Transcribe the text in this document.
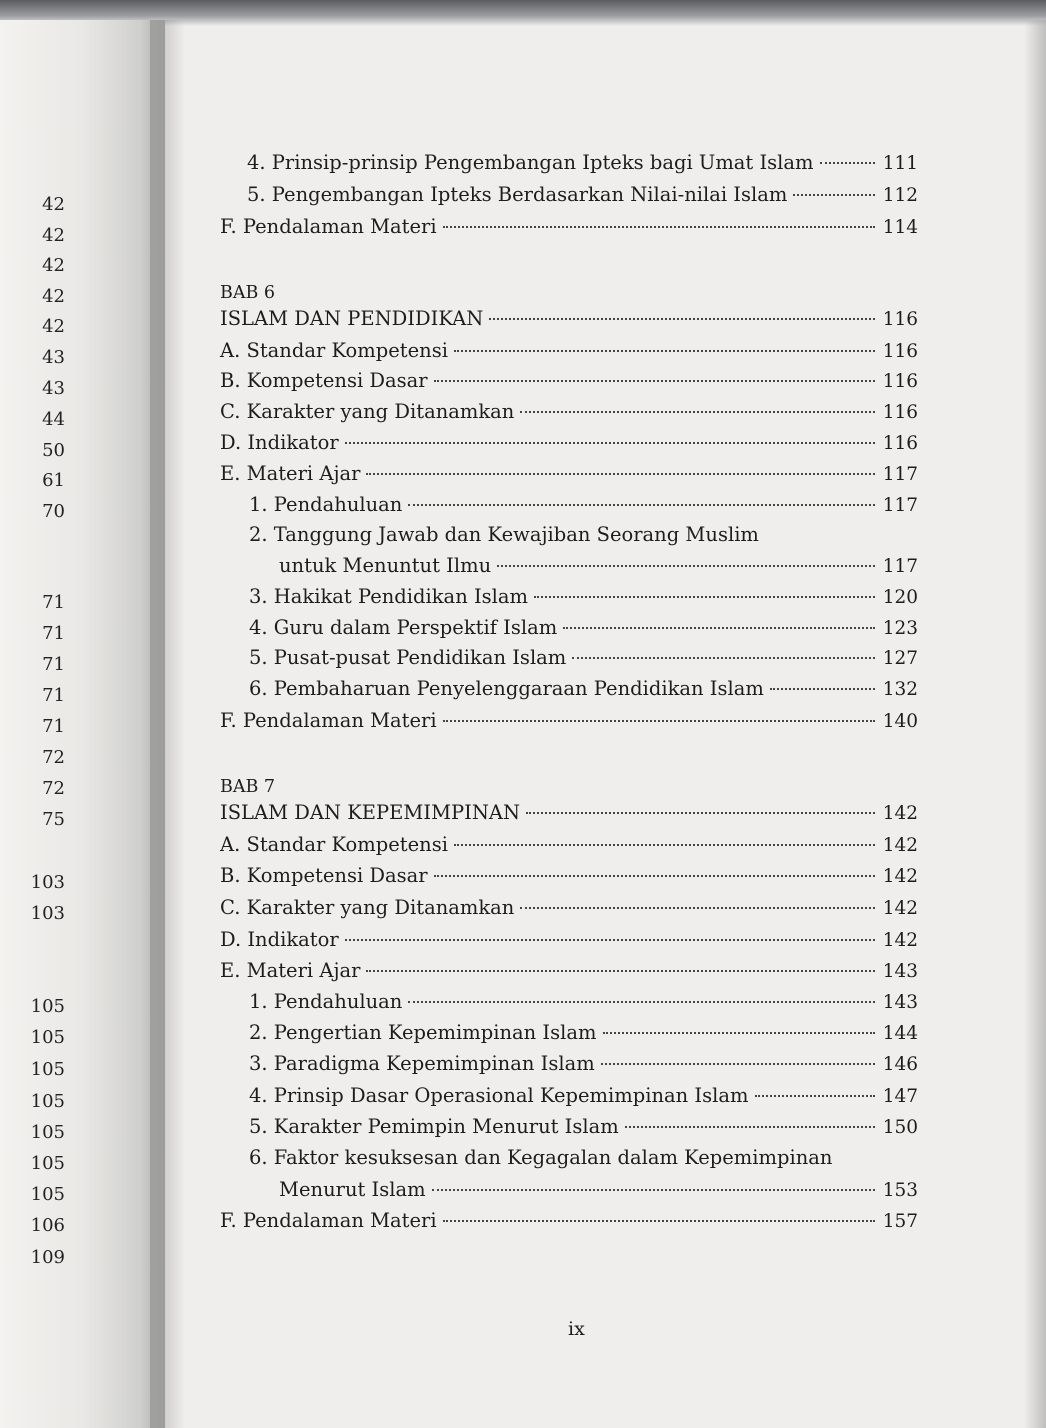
42
42
42
42
42
43
43
44
50
61
70
71
71
71
71
71
72
72
75
103
103
105
105
105
105
105
105
105
106
109
4. Prinsip-prinsip Pengembangan Ipteks bagi Umat Islam	111
5. Pengembangan Ipteks Berdasarkan Nilai-nilai Islam	112
F. Pendalaman Materi	114
BAB 6
ISLAM DAN PENDIDIKAN	116
A. Standar Kompetensi	116
B. Kompetensi Dasar	116
C. Karakter yang Ditanamkan	116
D. Indikator	116
E. Materi Ajar	117
1. Pendahuluan	117
2. Tanggung Jawab dan Kewajiban Seorang Muslim
untuk Menuntut Ilmu	117
3. Hakikat Pendidikan Islam	120
4. Guru dalam Perspektif Islam	123
5. Pusat-pusat Pendidikan Islam	127
6. Pembaharuan Penyelenggaraan Pendidikan Islam	132
F. Pendalaman Materi	140
BAB 7
ISLAM DAN KEPEMIMPINAN	142
A. Standar Kompetensi	142
B. Kompetensi Dasar	142
C. Karakter yang Ditanamkan	142
D. Indikator	142
E. Materi Ajar	143
1. Pendahuluan	143
2. Pengertian Kepemimpinan Islam	144
3. Paradigma Kepemimpinan Islam	146
4. Prinsip Dasar Operasional Kepemimpinan Islam	147
5. Karakter Pemimpin Menurut Islam	150
6. Faktor kesuksesan dan Kegagalan dalam Kepemimpinan
Menurut Islam	153
F. Pendalaman Materi	157
ix
